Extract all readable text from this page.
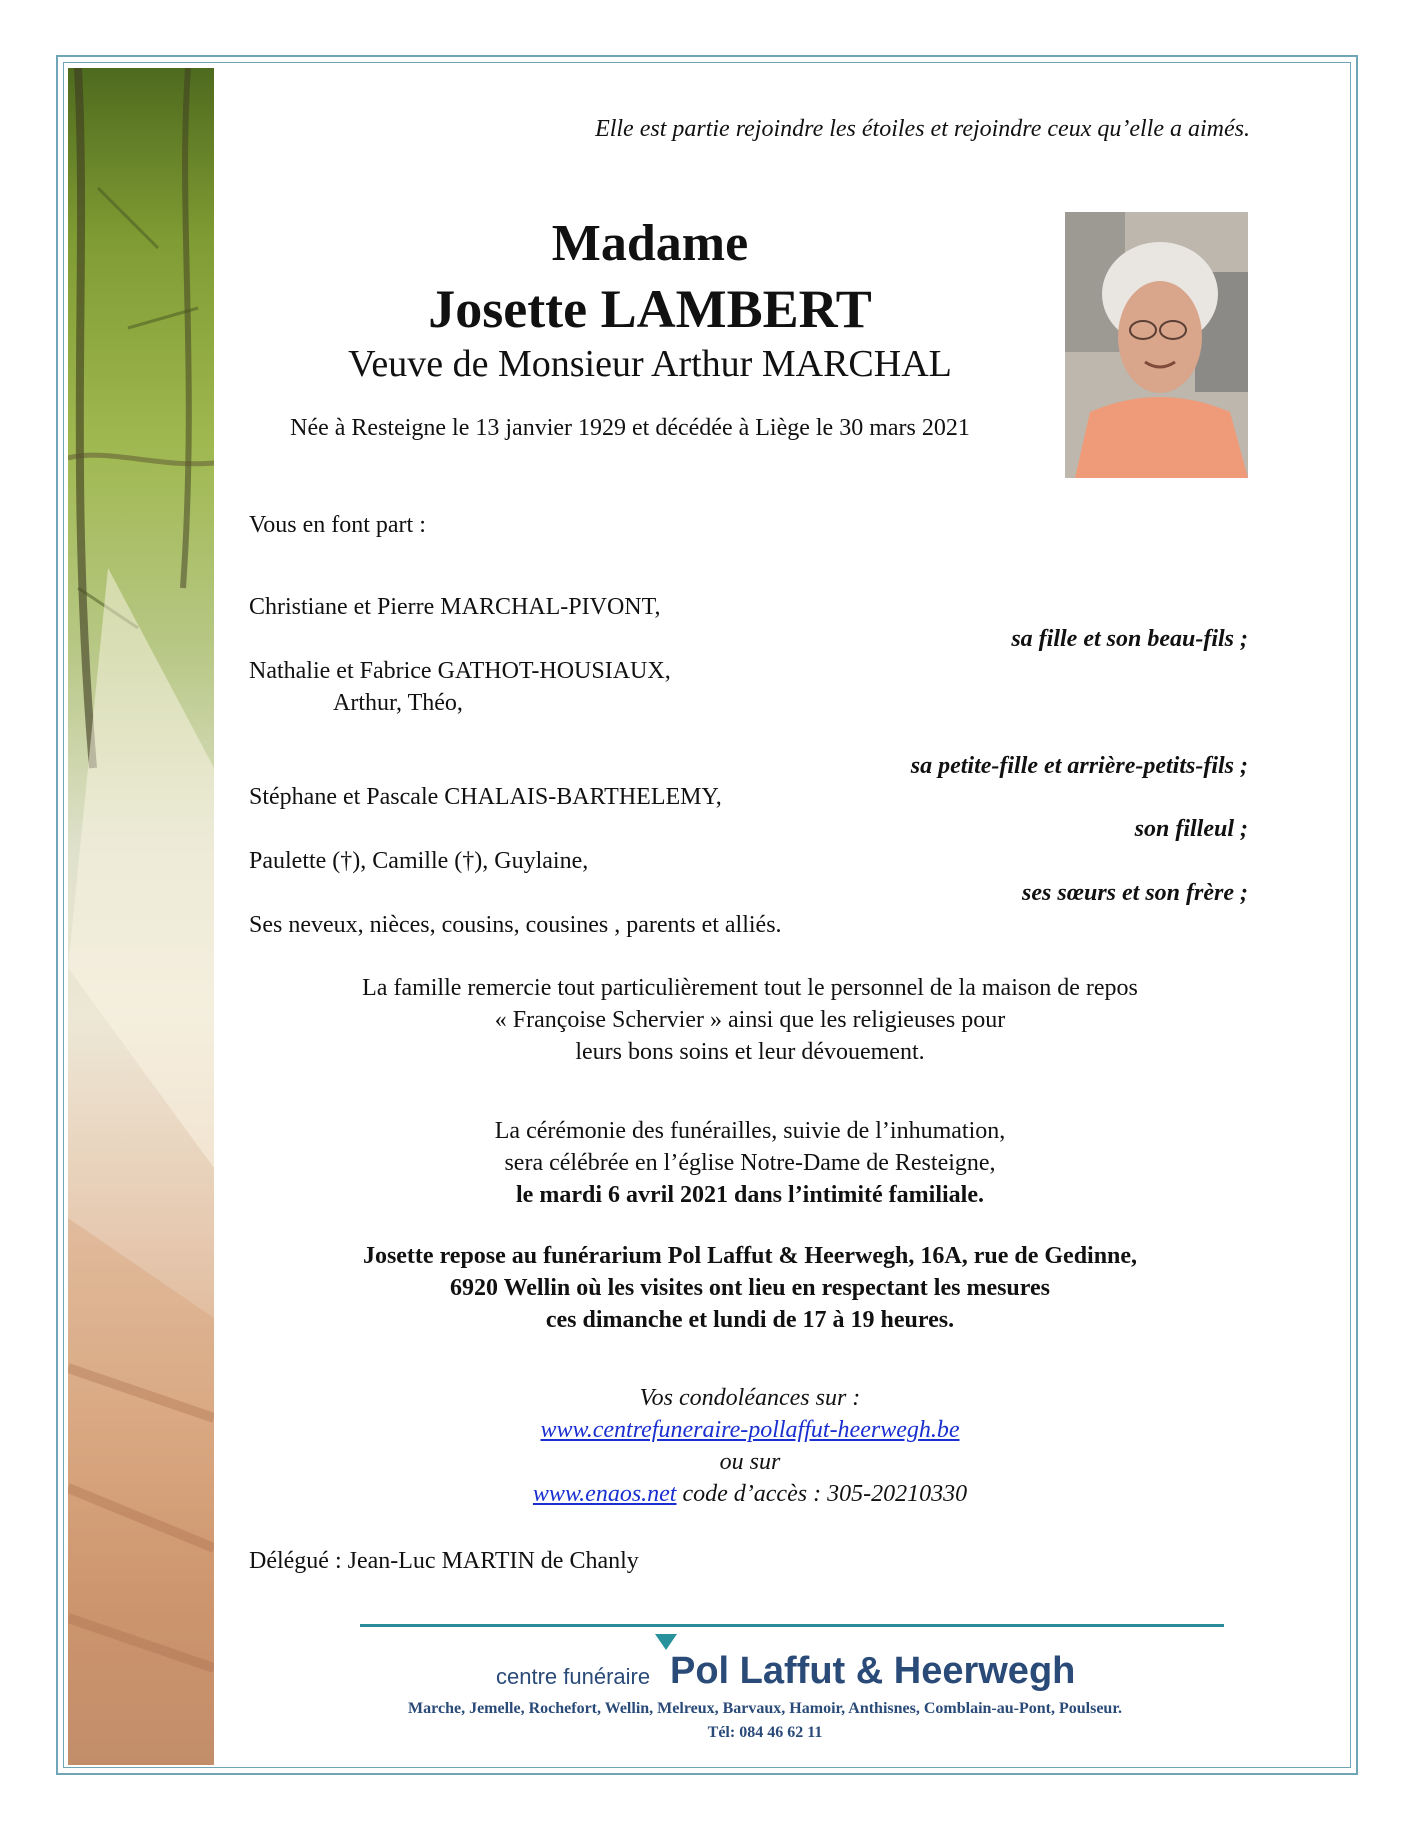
Elle est partie rejoindre les étoiles et rejoindre ceux qu’elle a aimés.
Madame
Josette LAMBERT
Veuve de Monsieur Arthur MARCHAL
Née à Resteigne le 13 janvier 1929 et décédée à Liège le 30 mars 2021
Vous en font part :
Christiane et Pierre MARCHAL-PIVONT,
sa fille et son beau-fils ;
Nathalie et Fabrice GATHOT-HOUSIAUX,
Arthur, Théo,
sa petite-fille et arrière-petits-fils ;
Stéphane et Pascale CHALAIS-BARTHELEMY,
son filleul ;
Paulette (†), Camille (†), Guylaine,
ses sœurs et son frère ;
Ses neveux, nièces, cousins, cousines , parents et alliés.
La famille remercie tout particulièrement tout le personnel de la maison de repos
« Françoise Schervier » ainsi que les religieuses pour
leurs bons soins et leur dévouement.
La cérémonie des funérailles, suivie de l’inhumation,
sera célébrée en l’église Notre-Dame de Resteigne,
le mardi 6 avril 2021 dans l’intimité familiale.
Josette repose au funérarium Pol Laffut & Heerwegh, 16A, rue de Gedinne,
6920 Wellin où les visites ont lieu en respectant les mesures
ces dimanche et lundi de 17 à 19 heures.
Vos condoléances sur :
www.centrefuneraire-pollaffut-heerwegh.be
ou sur
www.enaos.net code d’accès : 305-20210330
Délégué : Jean-Luc MARTIN de Chanly
centre funéraire Pol Laffut & Heerwegh
Marche, Jemelle, Rochefort, Wellin, Melreux, Barvaux, Hamoir, Anthisnes, Comblain-au-Pont, Poulseur.
Tél: 084 46 62 11
